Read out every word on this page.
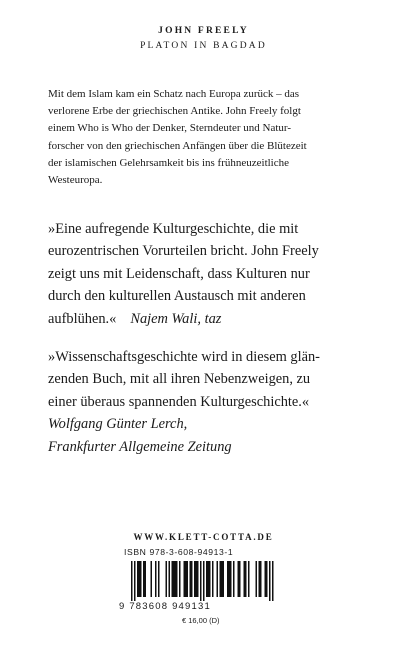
JOHN FREELY
PLATON IN BAGDAD

Mit dem Islam kam ein Schatz nach Europa zurück – das

verlorene Erbe der griechischen Antike. John Freely folgt

einem Who is Who der Denker, Sterndeuter und Natur-

forscher von den griechischen Anfängen über die Blütezeit

der islamischen Gelehrsamkeit bis ins frühneuzeitliche

Westeuropa.

»Eine aufregende Kulturgeschichte, die mit

eurozentrischen Vorurteilen bricht. John Freely

zeigt uns mit Leidenschaft, dass Kulturen nur

durch den kulturellen Austausch mit anderen

aufblühen.« Najem Wali, taz

»Wissenschaftsgeschichte wird in diesem glän-

zenden Buch, mit all ihren Nebenzweigen, zu

einer überaus spannenden Kulturgeschichte.«

Wolfgang Günter Lerch,

Frankfurter Allgemeine Zeitung

WWW.KLETT-COTTA.DE
ISBN 978-3-608-94913-1
9 783608 949131
€ 16,00 (D)
